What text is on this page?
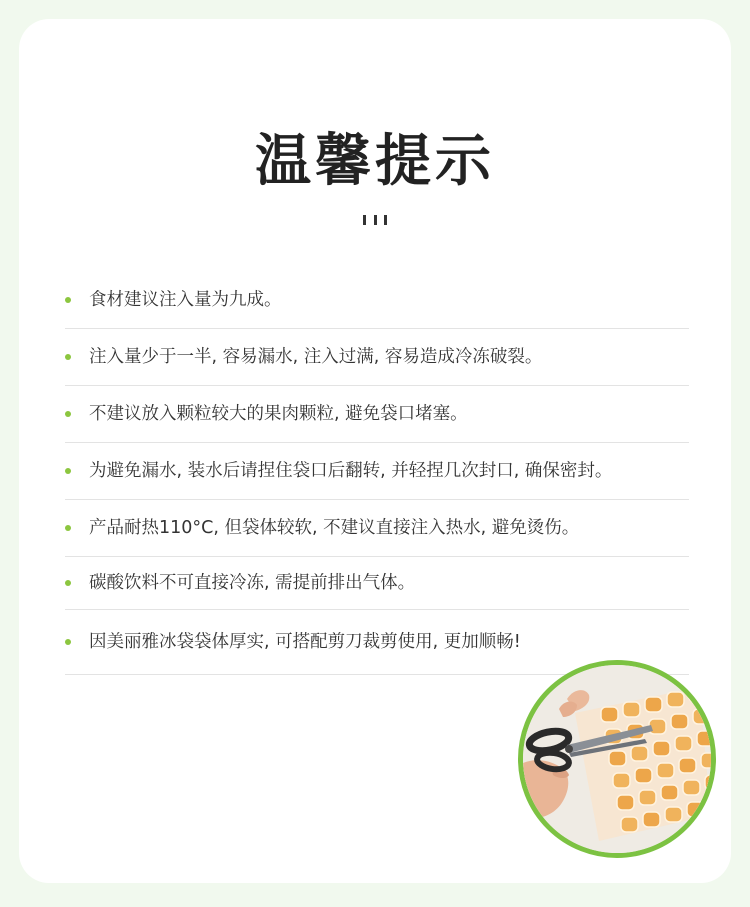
温馨提示
食材建议注入量为九成。
注入量少于一半, 容易漏水, 注入过满, 容易造成冷冻破裂。
不建议放入颗粒较大的果肉颗粒, 避免袋口堵塞。
为避免漏水, 装水后请捏住袋口后翻转, 并轻捏几次封口, 确保密封。
产品耐热110°C, 但袋体较软, 不建议直接注入热水, 避免烫伤。
碳酸饮料不可直接冷冻, 需提前排出气体。
因美丽雅冰袋袋体厚实, 可搭配剪刀裁剪使用, 更加顺畅!
